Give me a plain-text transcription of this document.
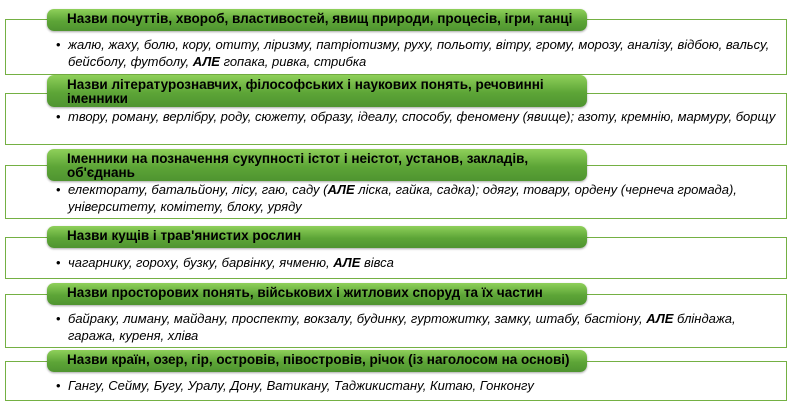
Назви почуттів, хвороб, властивостей, явищ природи, процесів, ігри, танці
• жалю, жаху, болю, кору, отиту, ліризму, патріотизму, руху, польоту, вітру, грому, морозу, аналізу, відбою, вальсу, бейсболу, футболу, АЛЕ гопака, ривка, стрибка
Назви літературознавчих, філософських і наукових понять, речовинні іменники
• твору, роману, верлібру, роду, сюжету, образу, ідеалу, способу, феномену (явище); азоту, кремнію, мармуру, борщу
Іменники на позначення сукупності істот і неістот, установ, закладів, об'єднань
• електорату, батальйону, лісу, гаю, саду (АЛЕ ліска, гайка, садка); одягу, товару, ордену (чернеча громада), університету, комітету, блоку, уряду
Назви кущів і трав'янистих рослин
• чагарнику, гороху, бузку, барвінку, ячменю, АЛЕ вівса
Назви просторових понять, військових і житлових споруд та їх частин
• байраку, лиману, майдану, проспекту, вокзалу, будинку, гуртожитку, замку, штабу, бастіону, АЛЕ бліндажа, гаража, куреня, хліва
Назви країн, озер, гір, островів, півостровів, річок (із наголосом на основі)
• Гангу, Сейму, Бугу, Уралу, Дону, Ватикану, Таджикистану, Китаю, Гонконгу
